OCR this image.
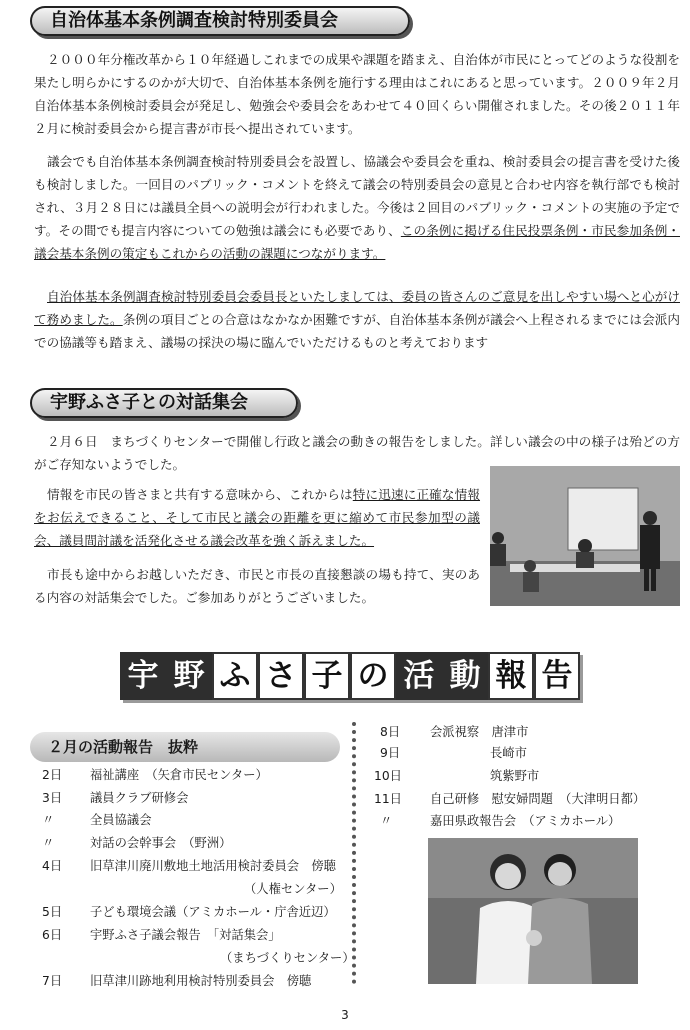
自治体基本条例調査検討特別委員会

２０００年分権改革から１０年経過しこれまでの成果や課題を踏まえ、自治体が市民にとってどのような役割を果たし明らかにするのかが大切で、自治体基本条例を施行する理由はこれにあると思っています。２００９年２月自治体基本条例検討委員会が発足し、勉強会や委員会をあわせて４０回くらい開催されました。その後２０１１年２月に検討委員会から提言書が市長へ提出されています。

議会でも自治体基本条例調査検討特別委員会を設置し、協議会や委員会を重ね、検討委員会の提言書を受けた後も検討しました。一回目のパブリック・コメントを終えて議会の特別委員会の意見と合わせ内容を執行部でも検討され、３月２８日には議員全員への説明会が行われました。今後は２回目のパブリック・コメントの実施の予定です。その間でも提言内容についての勉強は議会にも必要であり、この条例に掲げる住民投票条例・市民参加条例・議会基本条例の策定もこれからの活動の課題につながります。

自治体基本条例調査検討特別委員会委員長といたしましては、委員の皆さんのご意見を出しやすい場へと心がけて務めました。条例の項目ごとの合意はなかなか困難ですが、自治体基本条例が議会へ上程されるまでには会派内での協議等も踏まえ、議場の採決の場に臨んでいただけるものと考えております

宇野ふさ子との対話集会

２月６日　まちづくりセンターで開催し行政と議会の動きの報告をしました。詳しい議会の中の様子は殆どの方がご存知ないようでした。

情報を市民の皆さまと共有する意味から、これからは特に迅速に正確な情報をお伝えできること、そして市民と議会の距離を更に縮めて市民参加型の議会、議員間討議を活発化させる議会改革を強く訴えました。

市長も途中からお越しいただき、市民と市長の直接懇談の場も持て、実のある内容の対話集会でした。ご参加ありがとうございました。

宇 野 ふ さ 子 の 活 動 報 告
２月の活動報告　抜粋
2日	福祉講座　（矢倉市民センター）
3日	議員クラブ研修会
〃	全員協議会
〃	対話の会幹事会　（野洲）
4日	旧草津川廃川敷地土地活用検討委員会　傍聴
（人権センター）
5日	子ども環境会議（アミカホール・庁舎近辺）
6日	宇野ふさ子議会報告　「対話集会」
（まちづくりセンター）
7日	旧草津川跡地利用検討特別委員会　傍聴
8日	会派視察　唐津市
9日	長崎市
10日	筑紫野市
11日	自己研修　慰安婦問題　（大津明日都）
〃	嘉田県政報告会　（アミカホール）
3
